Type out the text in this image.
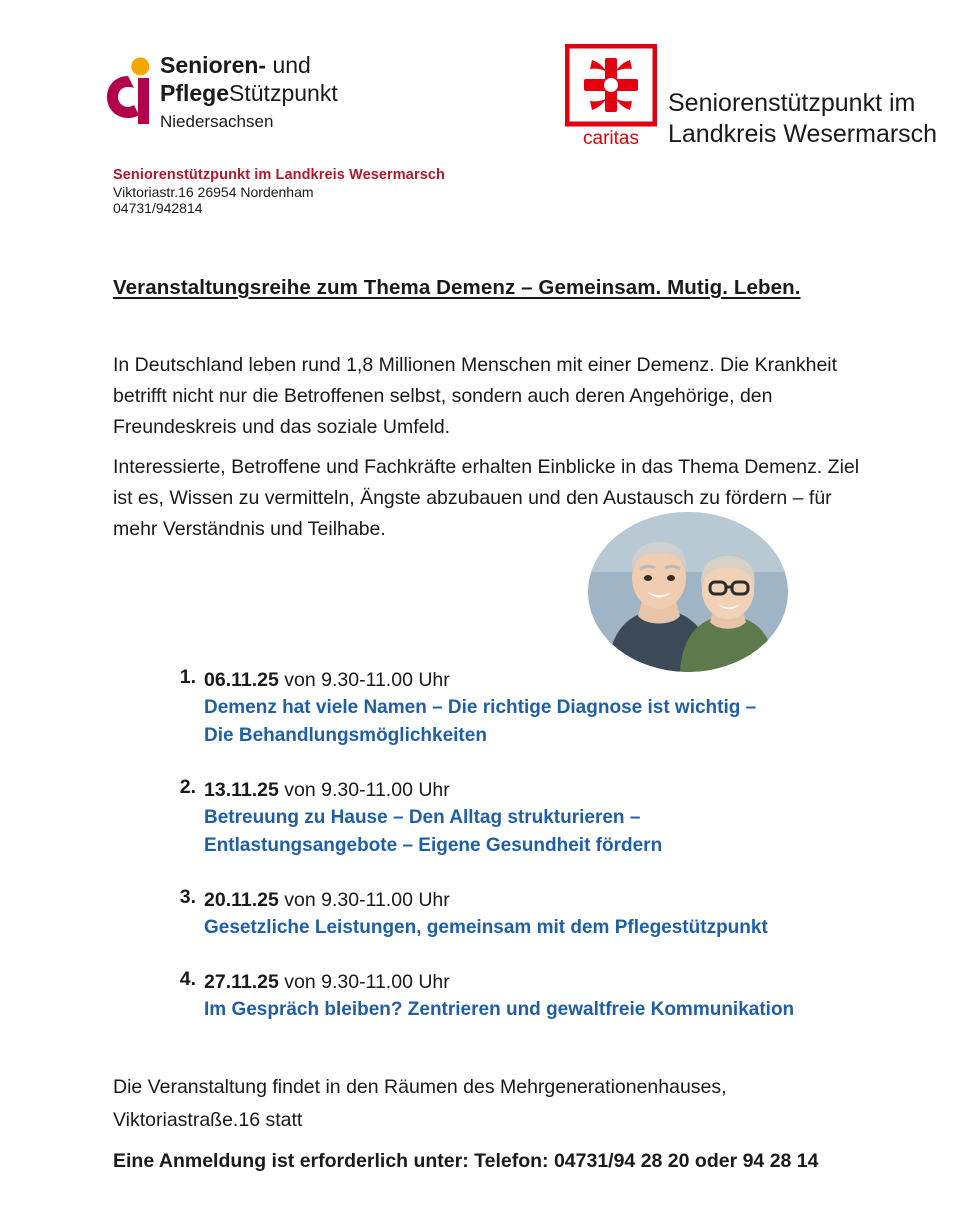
Senioren- und
PflegeStützpunkt
Niedersachsen
caritas
Seniorenstützpunkt im
Landkreis Wesermarsch
Seniorenstützpunkt im Landkreis Wesermarsch
Viktoriastr.16 26954 Nordenham
04731/942814
Veranstaltungsreihe zum Thema Demenz – Gemeinsam. Mutig. Leben.
In Deutschland leben rund 1,8 Millionen Menschen mit einer Demenz. Die Krankheit betrifft nicht nur die Betroffenen selbst, sondern auch deren Angehörige, den Freundeskreis und das soziale Umfeld.
Interessierte, Betroffene und Fachkräfte erhalten Einblicke in das Thema Demenz. Ziel ist es, Wissen zu vermitteln, Ängste abzubauen und den Austausch zu fördern – für mehr Verständnis und Teilhabe.
1. 06.11.25 von 9.30-11.00 Uhr
Demenz hat viele Namen – Die richtige Diagnose ist wichtig –
Die Behandlungsmöglichkeiten
2. 13.11.25 von 9.30-11.00 Uhr
Betreuung zu Hause – Den Alltag strukturieren –
Entlastungsangebote – Eigene Gesundheit fördern
3. 20.11.25 von 9.30-11.00 Uhr
Gesetzliche Leistungen, gemeinsam mit dem Pflegestützpunkt
4. 27.11.25 von 9.30-11.00 Uhr
Im Gespräch bleiben? Zentrieren und gewaltfreie Kommunikation
Die Veranstaltung findet in den Räumen des Mehrgenerationenhauses,
Viktoriastraße.16 statt
Eine Anmeldung ist erforderlich unter: Telefon: 04731/94 28 20 oder 94 28 14
